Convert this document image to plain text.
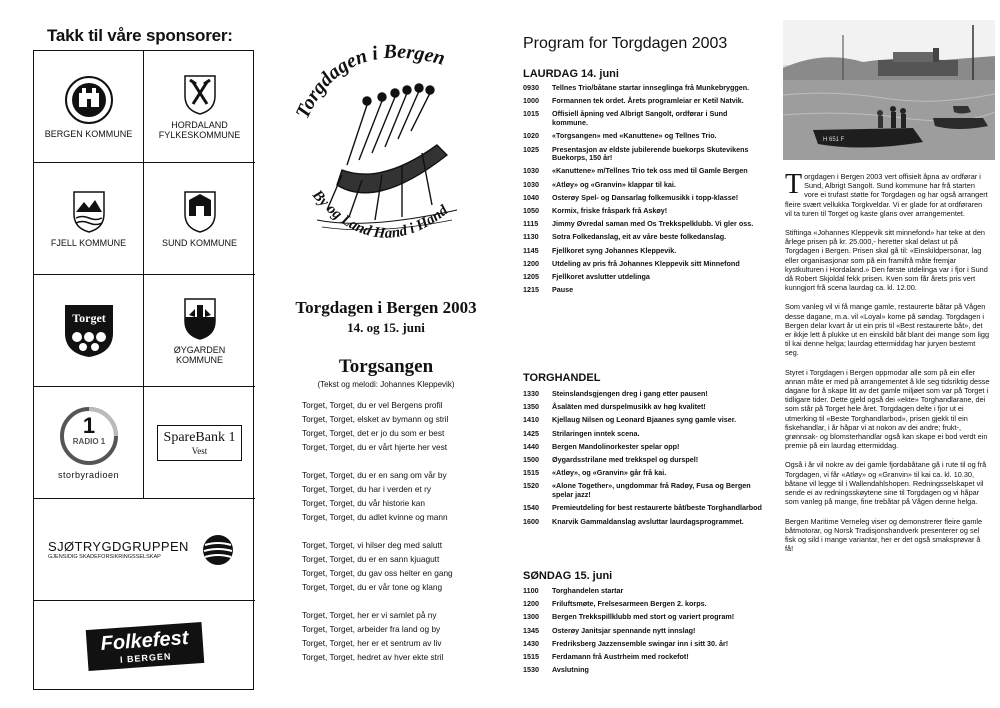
Takk til våre sponsorer:
BERGEN KOMMUNE
HORDALAND
FYLKESKOMMUNE
FJELL KOMMUNE	SUND KOMMUNE
Torget
ØYGARDEN
KOMMUNE
1
RADIO 1
storbyradioen
SpareBank 1
Vest
SJØTRYGDGRUPPEN
GJENSIDIG SKADEFORSIKRINGSSELSKAP
Folkefest
I BERGEN
Torgdagen i Bergen
By og Land Hand i Hand
Torgdagen i Bergen 2003
14. og 15. juni
Torgsangen
(Tekst og melodi: Johannes Kleppevik)
Torget, Torget, du er vel Bergens profil
Torget, Torget, elsket av bymann og stril
Torget, Torget, det er jo du som er best
Torget, Torget, du er vårt hjerte her vest
Torget, Torget, du er en sang om vår by
Torget, Torget, du har i verden et ry
Torget, Torget, du vår historie kan
Torget, Torget, du adlet kvinne og mann
Torget, Torget, vi hilser deg med salutt
Torget, Torget, du er en sann kjuagutt
Torget, Torget, du gav oss helter en gang
Torget, Torget, du er vår tone og klang
Torget, Torget, her er vi samlet på ny
Torget, Torget, arbeider fra land og by
Torget, Torget, her er et sentrum av liv
Torget, Torget, hedret av hver ekte stril
Program for Torgdagen 2003
LAURDAG 14. juni
0930	Tellnes Trio/båtane startar innseglinga frå Munkebryggen.
1000	Formannen tek ordet. Årets programleiar er Ketil Natvik.
1015	Offisiell åpning ved Albrigt Sangolt, ordførar i Sund kommune.
1020	«Torgsangen» med «Kanuttene» og Tellnes Trio.
1025	Presentasjon av eldste jubilerende buekorps Skutevikens Buekorps, 150 år!
1030	«Kanuttene» m/Tellnes Trio tek oss med til Gamle Bergen
1030	«Atløy» og «Granvin» klappar til kai.
1040	Osterøy Spel- og Dansarlag folkemusikk i topp-klasse!
1050	Kormix, friske fråspark frå Askøy!
1115	Jimmy Øvredal saman med Os Trekkspelklubb. Vi gler oss.
1130	Sotra Folkedanslag, eit av våre beste folkedanslag.
1145	Fjellkoret syng Johannes Kleppevik.
1200	Utdeling av pris frå Johannes Kleppevik sitt Minnefond
1205	Fjellkoret avslutter utdelinga
1215	Pause
TORGHANDEL
1330	Steinslandsgjengen dreg i gang etter pausen!
1350	Åsaläten med durspelmusikk av høg kvalitet!
1410	Kjellaug Nilsen og Leonard Bjaanes syng gamle viser.
1425	Strilaringen inntek scena.
1440	Bergen Mandolinorkester spelar opp!
1500	Øygardsstrilane med trekkspel og durspel!
1515	«Atløy», og «Granvin» går frå kai.
1520	«Alone Together», ungdommar frå Radøy, Fusa og Bergen spelar jazz!
1540	Premieutdeling for best restaurerte båt/beste Torghandlarbod
1600	Knarvik Gammaldanslag avsluttar laurdagsprogrammet.
SØNDAG 15. juni
1100	Torghandelen startar
1200	Friluftsmøte, Frelsesarmeen Bergen 2. korps.
1300	Bergen Trekkspillklubb med stort og variert program!
1345	Osterøy Janitsjar spennande nytt innslag!
1430	Fredriksberg Jazzensemble swingar inn i sitt 30. år!
1515	Ferdamann frå Austrheim med rockefot!
1530	Avslutning
H 651 F
Torgdagen i Bergen 2003 vert offisielt åpna av ordførar i Sund, Albrigt Sangolt. Sund kommune har frå starten vore ei trufast støtte for Torgdagen og har også arrangert fleire svært vellukka Torgkveldar. Vi er glade for at ordføraren vil ta turen til Torget og kaste glans over arrangementet.
Stiftinga «Johannes Kleppevik sitt minnefond» har teke at den årlege prisen på kr. 25.000,- heretter skal delast ut på Torgdagen i Bergen. Prisen skal gå til: «Einskildpersonar, lag eller organisasjonar som på ein framifrå måte fremjar kystkulturen i Hordaland.» Den første utdelinga var i fjor i Sund då Robert Skjoldal fekk prisen. Kven som får årets pris vert kunngjort frå scena laurdag ca. kl. 12.00.
Som vanleg vil vi få mange gamle, restaurerte båtar på Vågen desse dagane, m.a. vil «Loyal» kome på søndag. Torgdagen i Bergen delar kvart år ut ein pris til «Best restaurerte båt», det er ikkje lett å plukke ut en einskild båt blant dei mange som ligg til kai denne helga; laurdag ettermiddag har juryen bestemt seg.
Styret i Torgdagen i Bergen oppmodar alle som på ein eller annan måte er med på arrangementet å kle seg tidsriktig desse dagane for å skape litt av det gamle miljøet som var på Torget i tidligare tider. Dette gjeld også dei «ekte» Torghandlarane, dei som står på Torget hele året. Torgdagen delte i fjor ut ei utmerking til «Beste Torghandlarbod», prisen gjekk til ein fiskehandlar, i år håpar vi at nokon av dei andre; frukt-, grønnsak- og blomsterhandlar også kan skape ei bod verdt ein premie på ein laurdag ettermiddag.
Også i år vil nokre av dei gamle fjordabåtane gå i rute til og frå Torgdagen, vi får «Atløy» og «Granvin» til kai ca. kl. 10.30, båtane vil legge til i Wallendahlshopen. Redningsselskapet vil sende ei av redningsskøytene sine til Torgdagen og vi håpar som vanleg på mange, fine trebåtar på Vågen denne helga.
Bergen Maritime Verneleg viser og demonstrerer fleire gamle båtmotorar, og Norsk Tradisjonshandverk presenterer og sel fisk og sild i mange variantar, her er det også smaksprøvar å få!
